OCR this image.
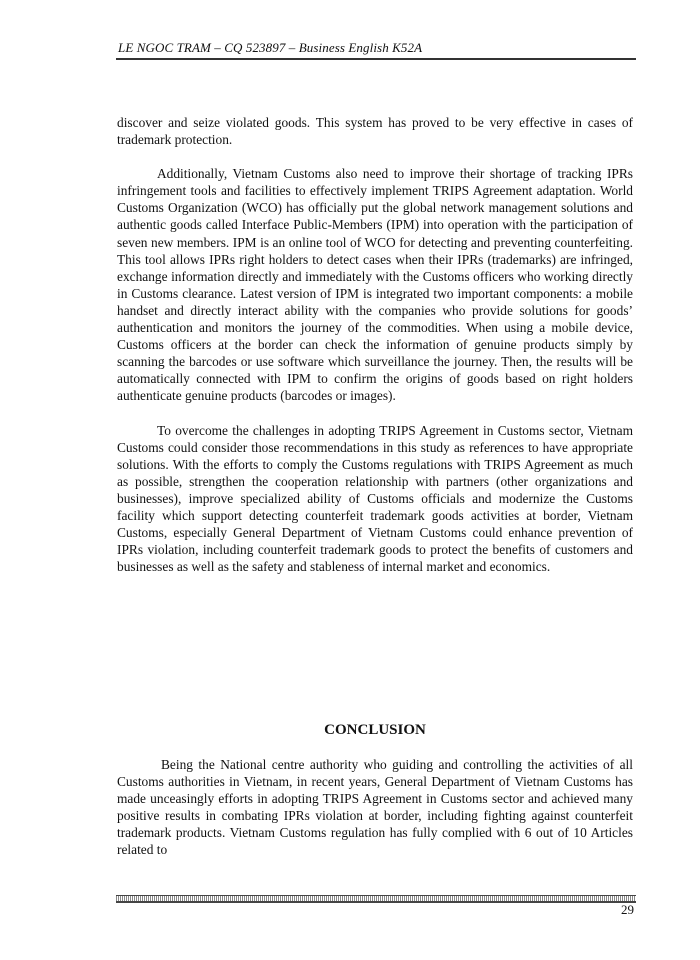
LE NGOC TRAM – CQ 523897 – Business English K52A

discover and seize violated goods. This system has proved to be very effective in cases of trademark protection.

Additionally, Vietnam Customs also need to improve their shortage of tracking IPRs infringement tools and facilities to effectively implement TRIPS Agreement adaptation. World Customs Organization (WCO) has officially put the global network management solutions and authentic goods called Interface Public-Members (IPM) into operation with the participation of seven new members. IPM is an online tool of WCO for detecting and preventing counterfeiting. This tool allows IPRs right holders to detect cases when their IPRs (trademarks) are infringed, exchange information directly and immediately with the Customs officers who working directly in Customs clearance. Latest version of IPM is integrated two important components: a mobile handset and directly interact ability with the companies who provide solutions for goods’ authentication and monitors the journey of the commodities. When using a mobile device, Customs officers at the border can check the information of genuine products simply by scanning the barcodes or use software which surveillance the journey. Then, the results will be automatically connected with IPM to confirm the origins of goods based on right holders authenticate genuine products (barcodes or images).

To overcome the challenges in adopting TRIPS Agreement in Customs sector, Vietnam Customs could consider those recommendations in this study as references to have appropriate solutions. With the efforts to comply the Customs regulations with TRIPS Agreement as much as possible, strengthen the cooperation relationship with partners (other organizations and businesses), improve specialized ability of Customs officials and modernize the Customs facility which support detecting counterfeit trademark goods activities at border, Vietnam Customs, especially General Department of Vietnam Customs could enhance prevention of IPRs violation, including counterfeit trademark goods to protect the benefits of customers and businesses as well as the safety and stableness of internal market and economics.

CONCLUSION

Being the National centre authority who guiding and controlling the activities of all Customs authorities in Vietnam, in recent years, General Department of Vietnam Customs has made unceasingly efforts in adopting TRIPS Agreement in Customs sector and achieved many positive results in combating IPRs violation at border, including fighting against counterfeit trademark products. Vietnam Customs regulation has fully complied with 6 out of 10 Articles related to

29
